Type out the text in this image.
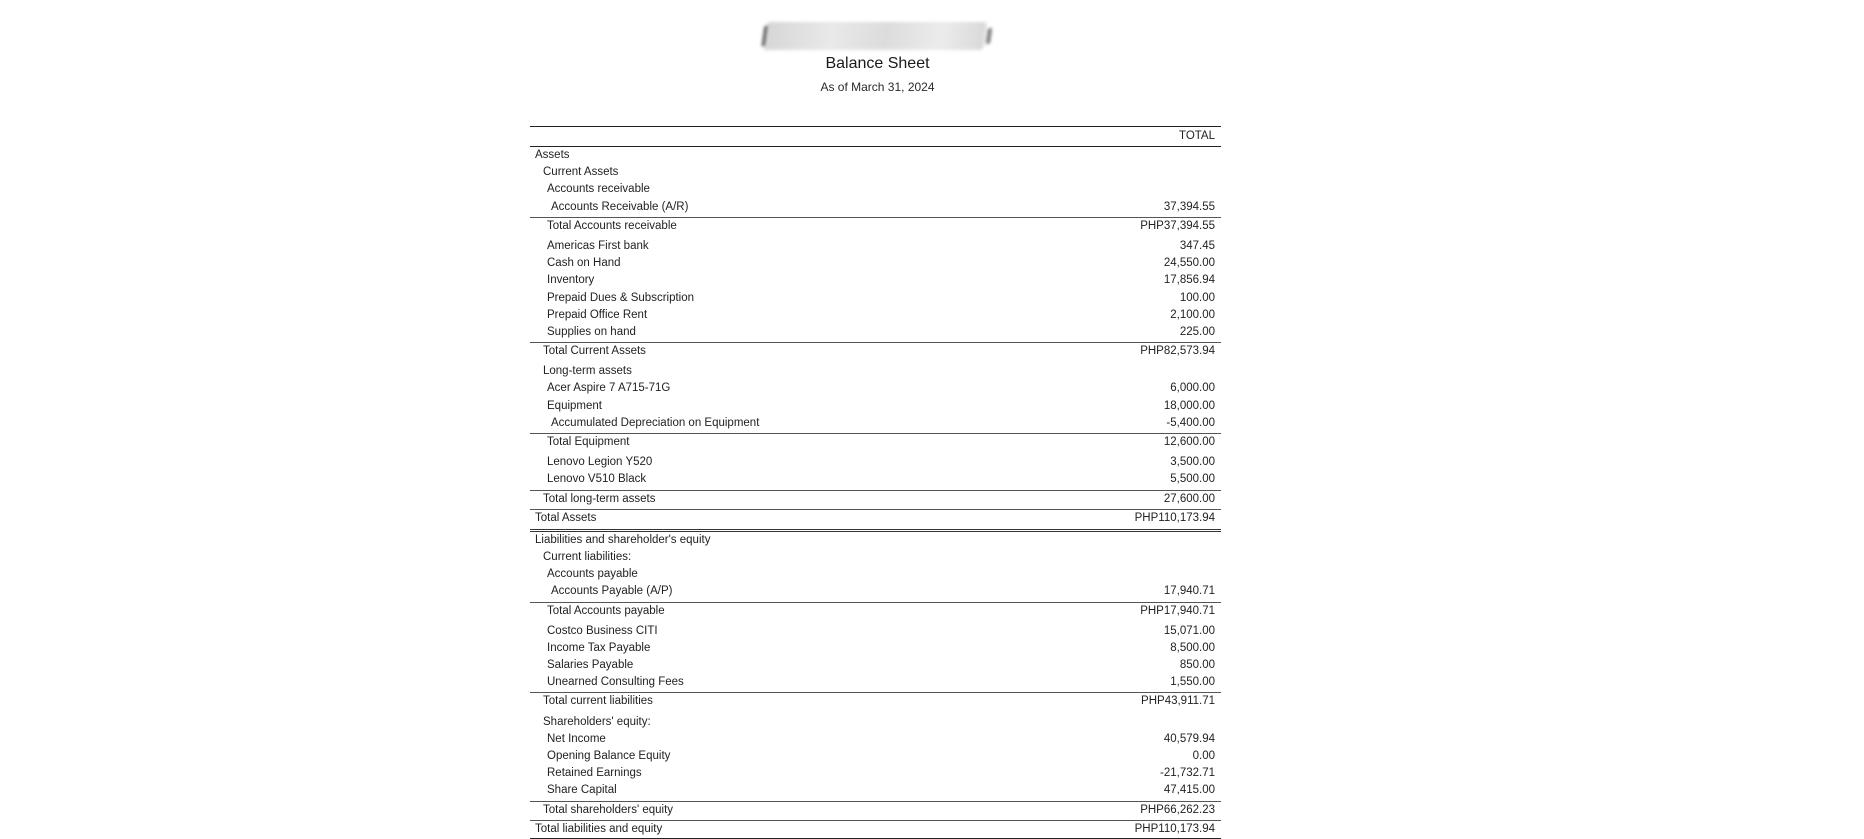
Balance Sheet
As of March 31, 2024
TOTAL
Assets
Current Assets
Accounts receivable
Accounts Receivable (A/R)	37,394.55
Total Accounts receivable	PHP37,394.55
Americas First bank	347.45
Cash on Hand	24,550.00
Inventory	17,856.94
Prepaid Dues & Subscription	100.00
Prepaid Office Rent	2,100.00
Supplies on hand	225.00
Total Current Assets	PHP82,573.94
Long-term assets
Acer Aspire 7 A715-71G	6,000.00
Equipment	18,000.00
Accumulated Depreciation on Equipment	-5,400.00
Total Equipment	12,600.00
Lenovo Legion Y520	3,500.00
Lenovo V510 Black	5,500.00
Total long-term assets	27,600.00
Total Assets	PHP110,173.94
Liabilities and shareholder's equity
Current liabilities:
Accounts payable
Accounts Payable (A/P)	17,940.71
Total Accounts payable	PHP17,940.71
Costco Business CITI	15,071.00
Income Tax Payable	8,500.00
Salaries Payable	850.00
Unearned Consulting Fees	1,550.00
Total current liabilities	PHP43,911.71
Shareholders' equity:
Net Income	40,579.94
Opening Balance Equity	0.00
Retained Earnings	-21,732.71
Share Capital	47,415.00
Total shareholders' equity	PHP66,262.23
Total liabilities and equity	PHP110,173.94
